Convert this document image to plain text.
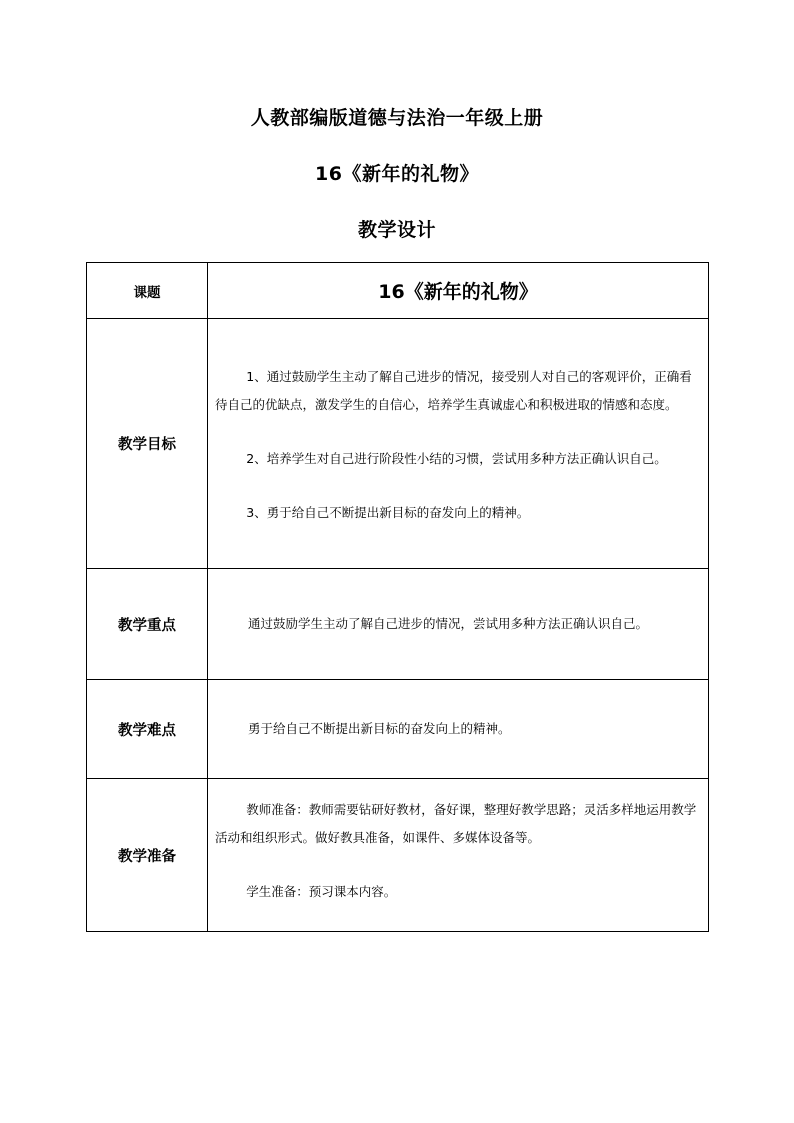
人教部编版道德与法治一年级上册
16《新年的礼物》
教学设计
课题	16《新年的礼物》
教学目标	1、通过鼓励学生主动了解自己进步的情况，接受别人对自己的客观评价，正确看待自己的优缺点，激发学生的自信心，培养学生真诚虚心和积极进取的情感和态度。

2、培养学生对自己进行阶段性小结的习惯，尝试用多种方法正确认识自己。

3、勇于给自己不断提出新目标的奋发向上的精神。

教学重点	通过鼓励学生主动了解自己进步的情况，尝试用多种方法正确认识自己。

教学难点	勇于给自己不断提出新目标的奋发向上的精神。

教学准备	教师准备：教师需要钻研好教材，备好课，整理好教学思路；灵活多样地运用教学活动和组织形式。做好教具准备，如课件、多媒体设备等。

学生准备：预习课本内容。
